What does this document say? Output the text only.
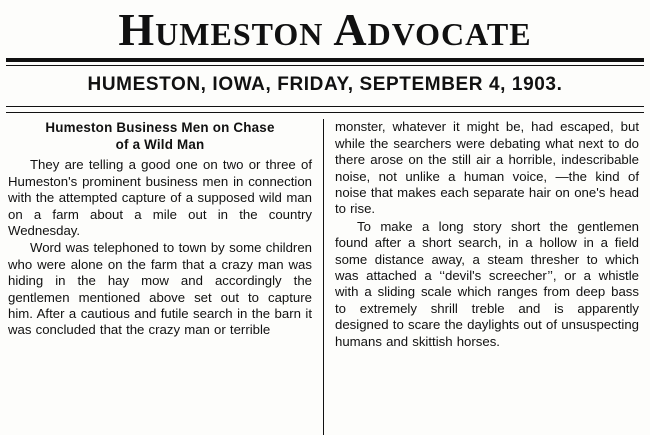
Humeston Advocate
HUMESTON, IOWA, FRIDAY, SEPTEMBER 4, 1903.
Humeston Business Men on Chase
of a Wild Man

They are telling a good one on two or three of Humeston's prominent business men in connection with the attempted capture of a supposed wild man on a farm about a mile out in the country Wednesday.

Word was telephoned to town by some children who were alone on the farm that a crazy man was hiding in the hay mow and accordingly the gentlemen mentioned above set out to capture him. After a cautious and futile search in the barn it was concluded that the crazy man or terrible

monster, whatever it might be, had escaped, but while the searchers were debating what next to do there arose on the still air a horrible, indescribable noise, not unlike a human voice, —the kind of noise that makes each separate hair on one's head to rise.

To make a long story short the gentlemen found after a short search, in a hollow in a field some distance away, a steam thresher to which was attached a ‘‘devil's screecher’’, or a whistle with a sliding scale which ranges from deep bass to extremely shrill treble and is apparently designed to scare the daylights out of unsuspecting humans and skittish horses.
